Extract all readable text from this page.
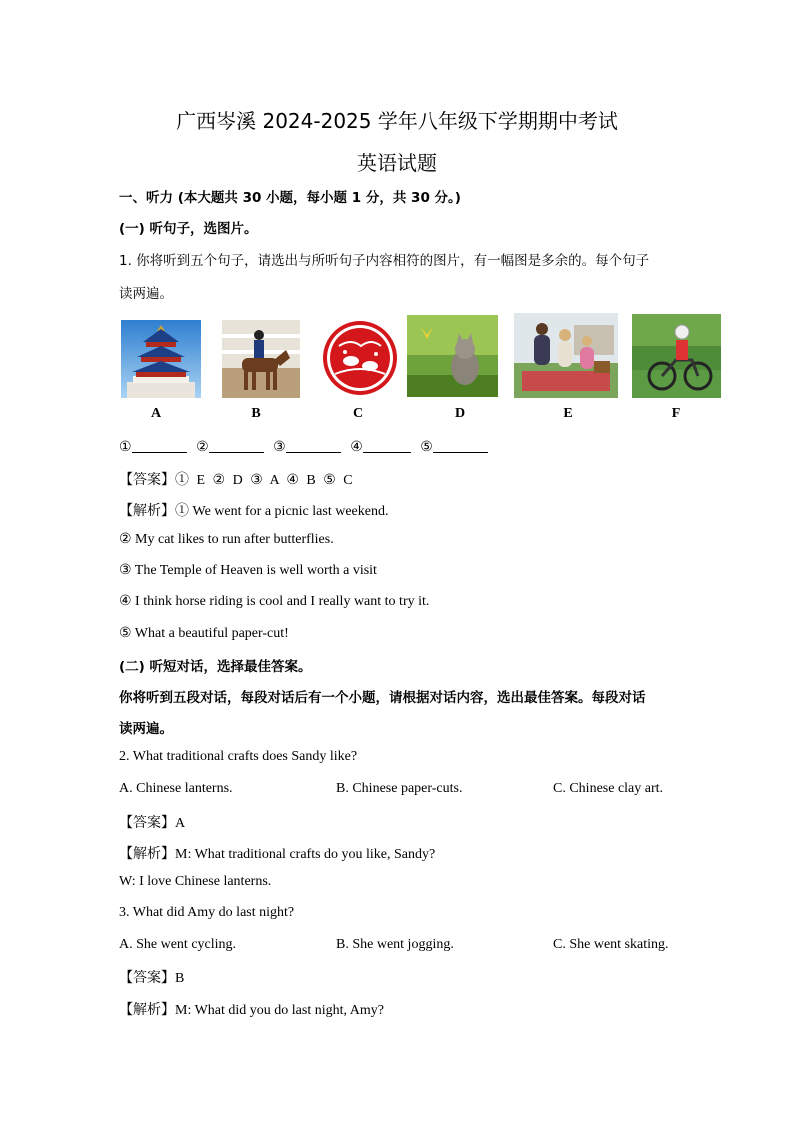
广西岑溪 2024-2025 学年八年级下学期期中考试
英语试题
一、听力 (本大题共 30 小题，每小题 1 分，共 30 分。)
(一) 听句子，选图片。
1. 你将听到五个句子，请选出与所听句子内容相符的图片，有一幅图是多余的。每个句子
读两遍。
A	B	C	D	E	F
①	②	③	④	⑤
【答案】① E ② D ③ A ④ B ⑤ C
【解析】① We went for a picnic last weekend.
② My cat likes to run after butterflies.
③ The Temple of Heaven is well worth a visit
④ I think horse riding is cool and I really want to try it.
⑤ What a beautiful paper-cut!
(二) 听短对话，选择最佳答案。
你将听到五段对话，每段对话后有一个小题，请根据对话内容，选出最佳答案。每段对话
读两遍。
2. What traditional crafts does Sandy like?
A. Chinese lanterns.	B. Chinese paper-cuts.	C. Chinese clay art.
【答案】A
【解析】M: What traditional crafts do you like, Sandy?
W: I love Chinese lanterns.
3. What did Amy do last night?
A. She went cycling.	B. She went jogging.	C. She went skating.
【答案】B
【解析】M: What did you do last night, Amy?
